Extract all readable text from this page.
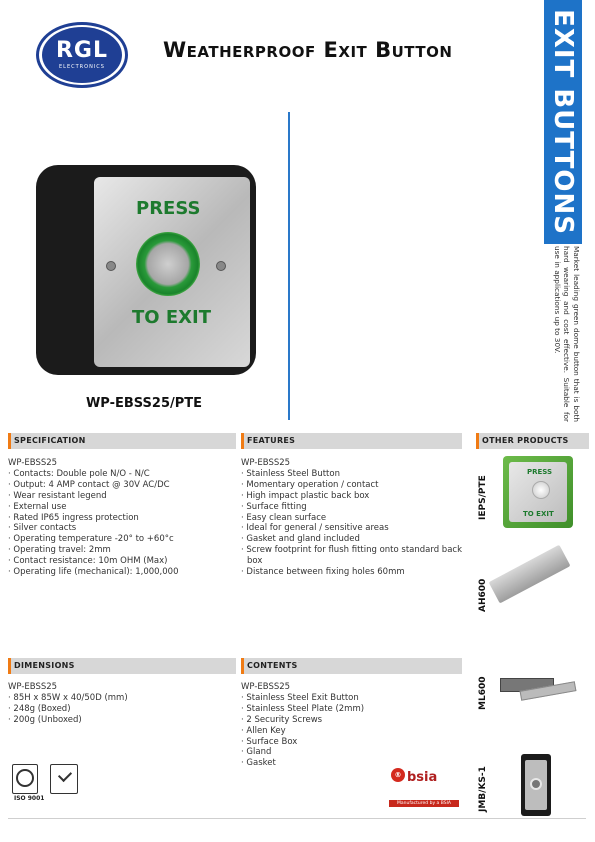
RGL
ELECTRONICS
Weatherproof Exit Button	EXIT BUTTONS
Market leading green dome button that is both hard wearing and cost effective. Suitable for use in applications up to 30V.
PRESS
TO EXIT
WP-EBSS25/PTE
SPECIFICATION	FEATURES	OTHER PRODUCTS
DIMENSIONS	CONTENTS
WP-EBSS25
· Contacts: Double pole N/O - N/C
· Output: 4 AMP contact @ 30V AC/DC
· Wear resistant legend
· External use
· Rated IP65 ingress protection
· Silver contacts
· Operating temperature -20° to +60°c
· Operating travel: 2mm
· Contact resistance: 10m OHM (Max)
· Operating life (mechanical): 1,000,000
WP-EBSS25
· Stainless Steel Button
· Momentary operation / contact
· High impact plastic back box
· Surface fitting
· Easy clean surface
· Ideal for general / sensitive areas
· Gasket and gland included
· Screw footprint for flush fitting onto standard back box
· Distance between fixing holes 60mm
WP-EBSS25
· 85H x 85W x 40/50D (mm)
· 248g (Boxed)
· 200g (Unboxed)
WP-EBSS25
· Stainless Steel Exit Button
· Stainless Steel Plate (2mm)
· 2 Security Screws
· Allen Key
· Surface Box
· Gland
· Gasket
IEPS/PTE
PRESS
TO EXIT
AH600
ML600
JMB/KS-1
ISO 9001
® bsia
Manufactured by a BSIA Member
